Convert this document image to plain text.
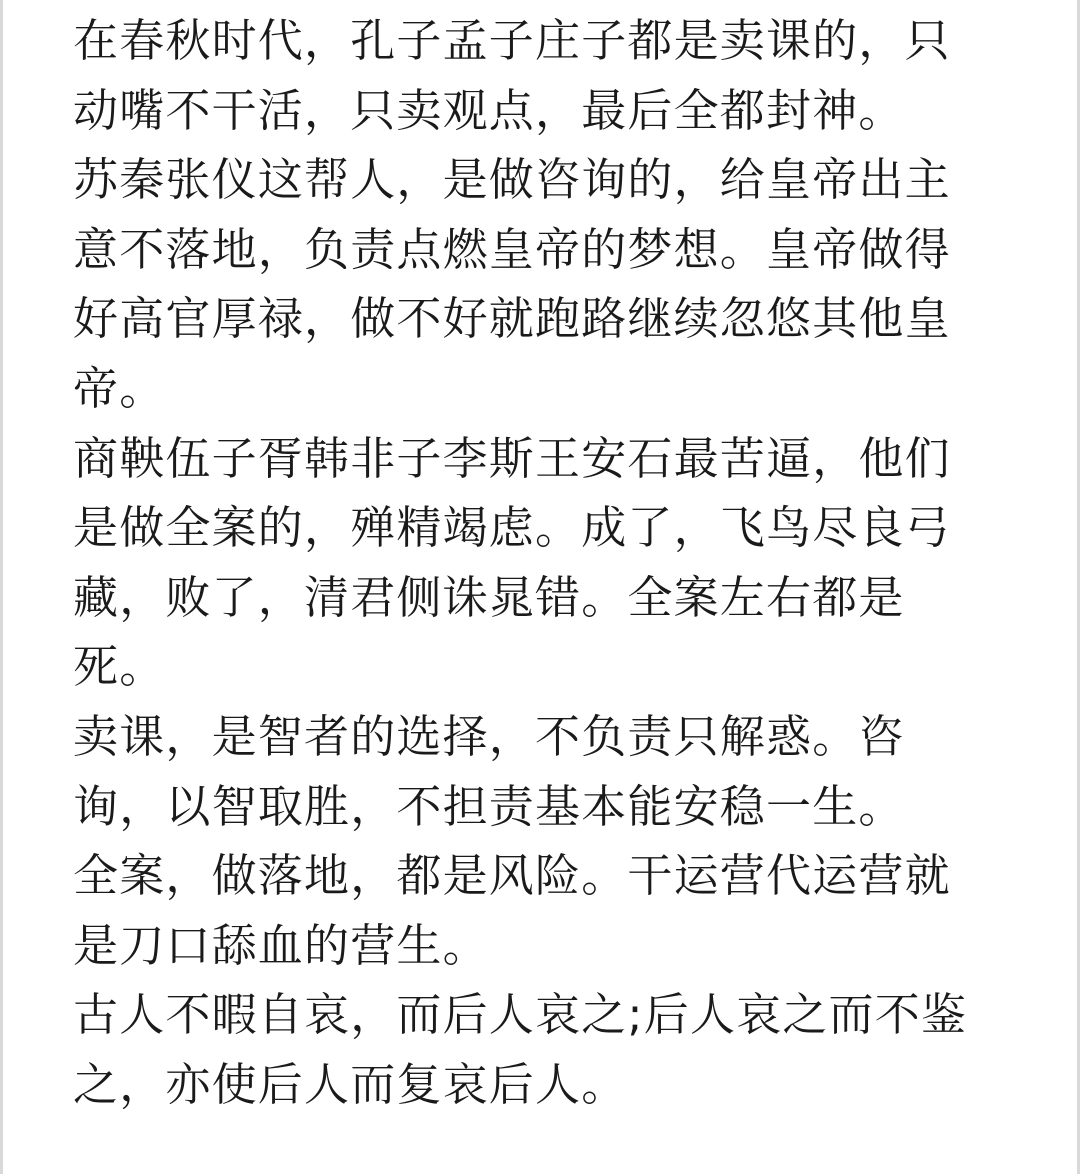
在春秋时代，孔子孟子庄子都是卖课的，只
动嘴不干活，只卖观点，最后全都封神。
苏秦张仪这帮人，是做咨询的，给皇帝出主
意不落地，负责点燃皇帝的梦想。皇帝做得
好高官厚禄，做不好就跑路继续忽悠其他皇
帝。
商鞅伍子胥韩非子李斯王安石最苦逼，他们
是做全案的，殚精竭虑。成了，飞鸟尽良弓
藏，败了，清君侧诛晁错。全案左右都是
死。
卖课，是智者的选择，不负责只解惑。咨
询，以智取胜，不担责基本能安稳一生。
全案，做落地，都是风险。干运营代运营就
是刀口舔血的营生。
古人不暇自哀，而后人哀之;后人哀之而不鉴
之，亦使后人而复哀后人。
